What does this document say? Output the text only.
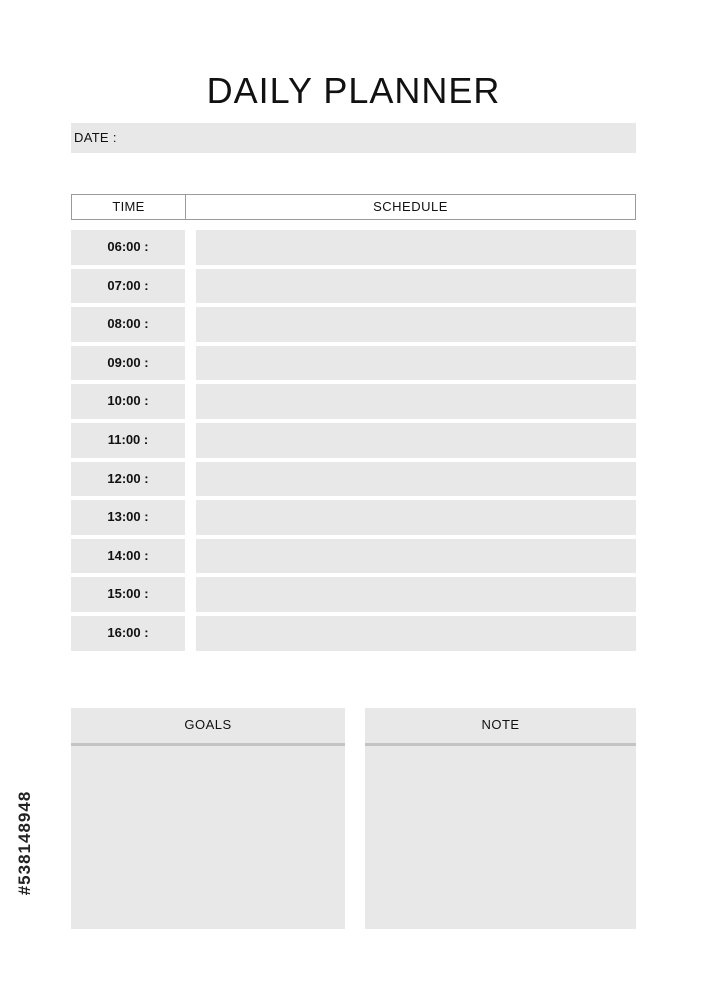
DAILY PLANNER
DATE :
TIME	SCHEDULE
06:00 :
07:00 :
08:00 :
09:00 :
10:00 :
11:00 :
12:00 :
13:00 :
14:00 :
15:00 :
16:00 :
GOALS	NOTE
#538148948
